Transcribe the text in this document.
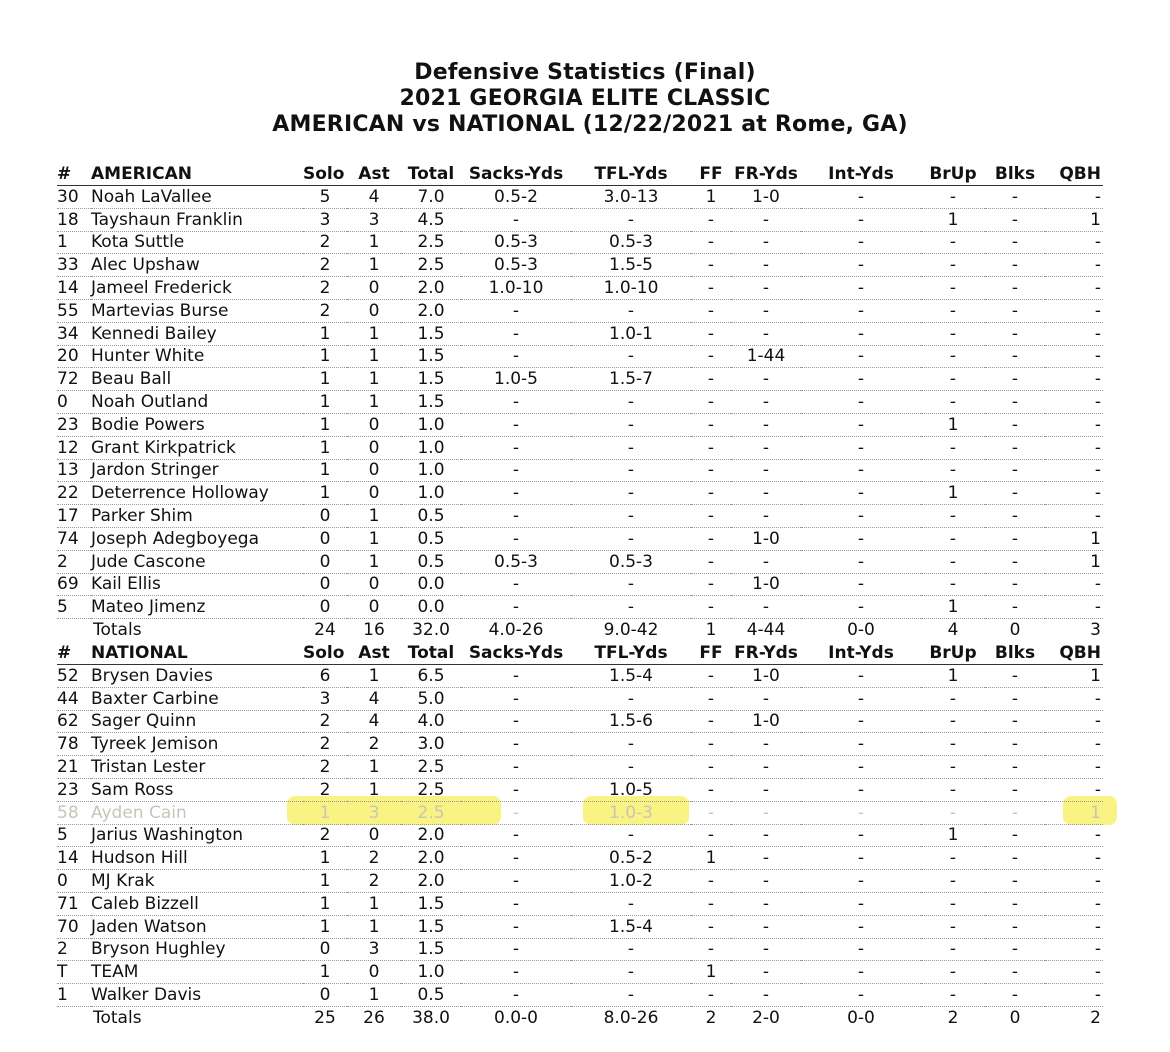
Defensive Statistics (Final)
2021 GEORGIA ELITE CLASSIC
AMERICAN vs NATIONAL (12/22/2021 at Rome, GA)
#	AMERICAN	Solo	Ast	Total	Sacks-Yds	TFL-Yds	FF	FR-Yds	Int-Yds	BrUp	Blks	QBH
30	Noah LaVallee	5	4	7.0	0.5-2	3.0-13	1	1-0	-	-	-	-
18	Tayshaun Franklin	3	3	4.5	-	-	-	-	-	1	-	1
1	Kota Suttle	2	1	2.5	0.5-3	0.5-3	-	-	-	-	-	-
33	Alec Upshaw	2	1	2.5	0.5-3	1.5-5	-	-	-	-	-	-
14	Jameel Frederick	2	0	2.0	1.0-10	1.0-10	-	-	-	-	-	-
55	Martevias Burse	2	0	2.0	-	-	-	-	-	-	-	-
34	Kennedi Bailey	1	1	1.5	-	1.0-1	-	-	-	-	-	-
20	Hunter White	1	1	1.5	-	-	-	1-44	-	-	-	-
72	Beau Ball	1	1	1.5	1.0-5	1.5-7	-	-	-	-	-	-
0	Noah Outland	1	1	1.5	-	-	-	-	-	-	-	-
23	Bodie Powers	1	0	1.0	-	-	-	-	-	1	-	-
12	Grant Kirkpatrick	1	0	1.0	-	-	-	-	-	-	-	-
13	Jardon Stringer	1	0	1.0	-	-	-	-	-	-	-	-
22	Deterrence Holloway	1	0	1.0	-	-	-	-	-	1	-	-
17	Parker Shim	0	1	0.5	-	-	-	-	-	-	-	-
74	Joseph Adegboyega	0	1	0.5	-	-	-	1-0	-	-	-	1
2	Jude Cascone	0	1	0.5	0.5-3	0.5-3	-	-	-	-	-	1
69	Kail Ellis	0	0	0.0	-	-	-	1-0	-	-	-	-
5	Mateo Jimenz	0	0	0.0	-	-	-	-	-	1	-	-
	Totals	24	16	32.0	4.0-26	9.0-42	1	4-44	0-0	4	0	3
#	NATIONAL	Solo	Ast	Total	Sacks-Yds	TFL-Yds	FF	FR-Yds	Int-Yds	BrUp	Blks	QBH
52	Brysen Davies	6	1	6.5	-	1.5-4	-	1-0	-	1	-	1
44	Baxter Carbine	3	4	5.0	-	-	-	-	-	-	-	-
62	Sager Quinn	2	4	4.0	-	1.5-6	-	1-0	-	-	-	-
78	Tyreek Jemison	2	2	3.0	-	-	-	-	-	-	-	-
21	Tristan Lester	2	1	2.5	-	-	-	-	-	-	-	-
23	Sam Ross	2	1	2.5	-	1.0-5	-	-	-	-	-	-
58	Ayden Cain	1	3	2.5	-	1.0-3	-	-	-	-	-	1
5	Jarius Washington	2	0	2.0	-	-	-	-	-	1	-	-
14	Hudson Hill	1	2	2.0	-	0.5-2	1	-	-	-	-	-
0	MJ Krak	1	2	2.0	-	1.0-2	-	-	-	-	-	-
71	Caleb Bizzell	1	1	1.5	-	-	-	-	-	-	-	-
70	Jaden Watson	1	1	1.5	-	1.5-4	-	-	-	-	-	-
2	Bryson Hughley	0	3	1.5	-	-	-	-	-	-	-	-
T	TEAM	1	0	1.0	-	-	1	-	-	-	-	-
1	Walker Davis	0	1	0.5	-	-	-	-	-	-	-	-
	Totals	25	26	38.0	0.0-0	8.0-26	2	2-0	0-0	2	0	2
